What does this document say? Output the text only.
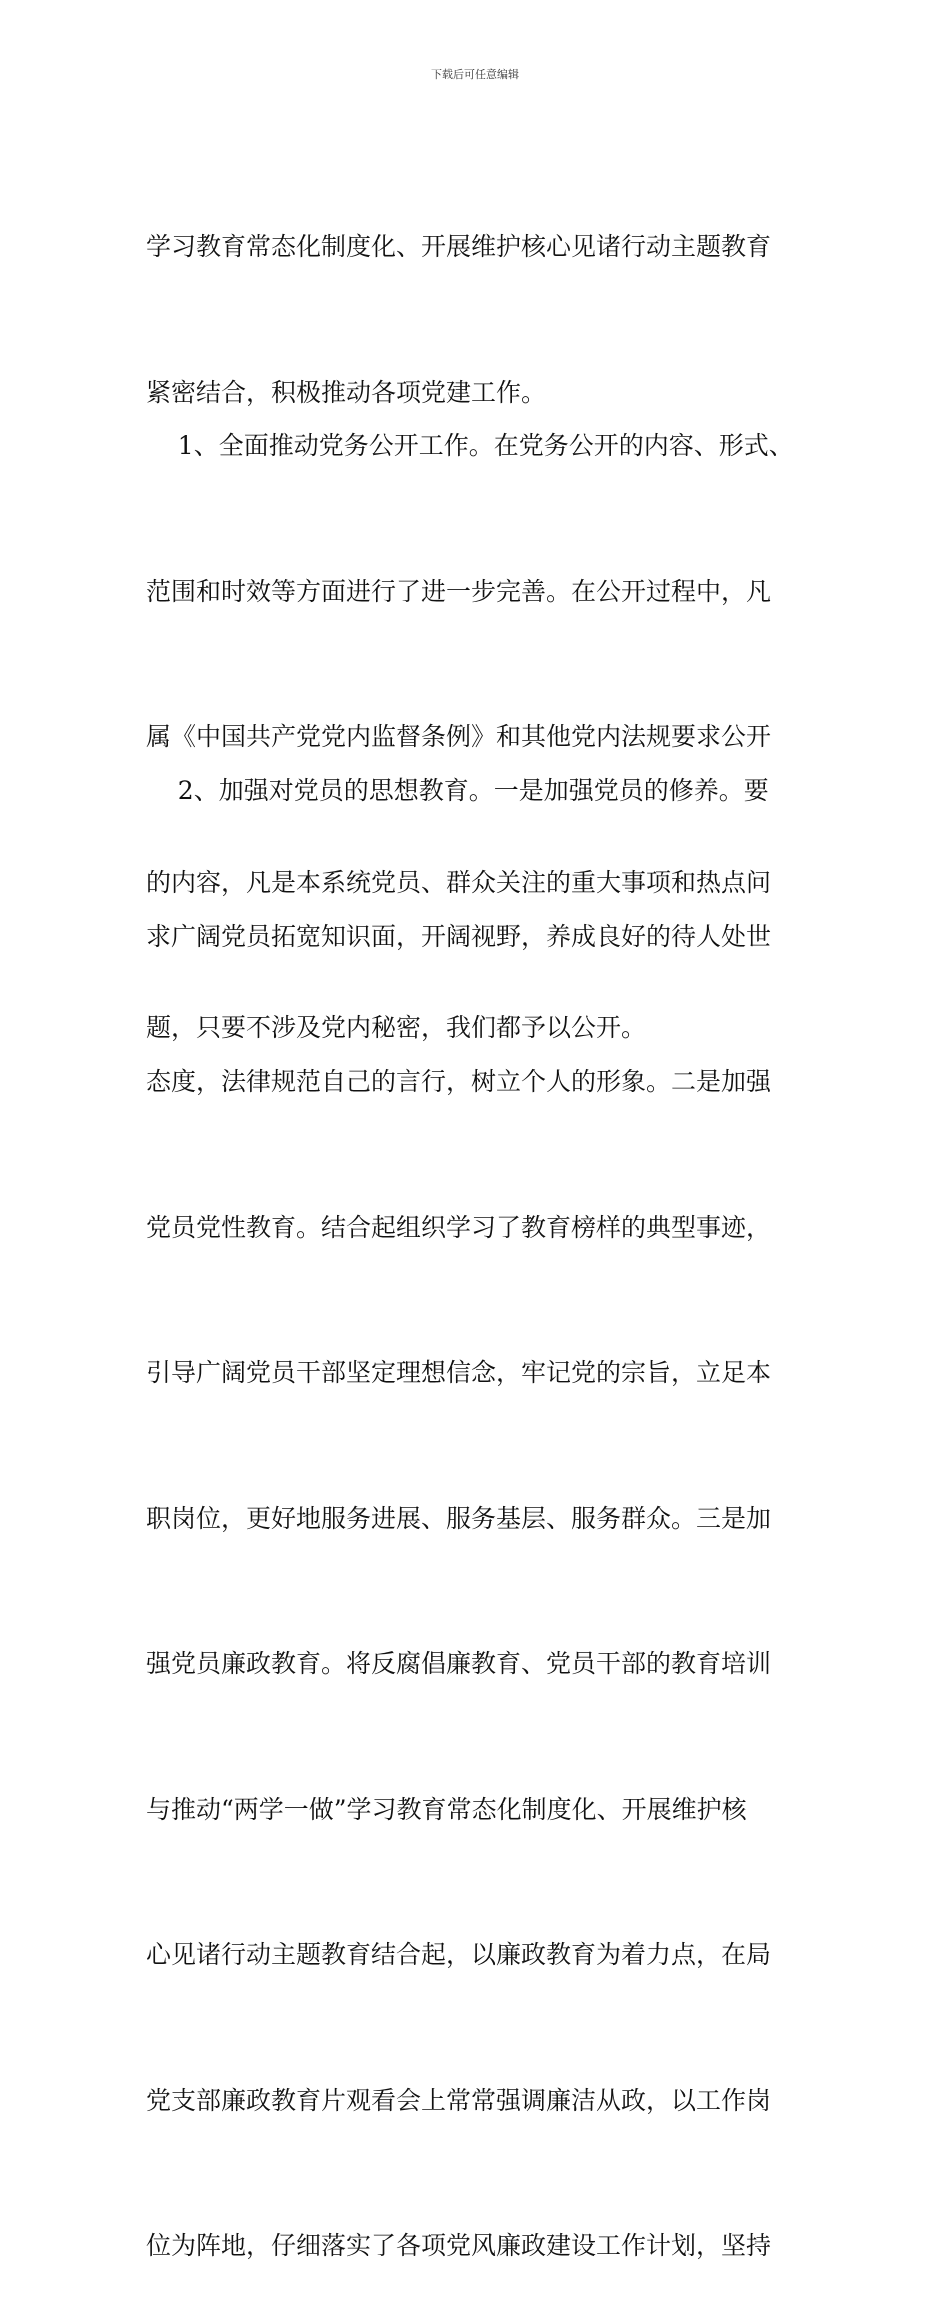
下载后可任意编辑

学习教育常态化制度化、开展维护核心见诸行动主题教育

紧密结合，积极推动各项党建工作。

1、全面推动党务公开工作。在党务公开的内容、形式、

范围和时效等方面进行了进一步完善。在公开过程中，凡

属《中国共产党党内监督条例》和其他党内法规要求公开

的内容，凡是本系统党员、群众关注的重大事项和热点问

题，只要不涉及党内秘密，我们都予以公开。

2、加强对党员的思想教育。一是加强党员的修养。要

求广阔党员拓宽知识面，开阔视野，养成良好的待人处世

态度，法律规范自己的言行，树立个人的形象。二是加强

党员党性教育。结合起组织学习了教育榜样的典型事迹，

引导广阔党员干部坚定理想信念，牢记党的宗旨，立足本

职岗位，更好地服务进展、服务基层、服务群众。三是加

强党员廉政教育。将反腐倡廉教育、党员干部的教育培训

与推动“两学一做”学习教育常态化制度化、开展维护核

心见诸行动主题教育结合起，以廉政教育为着力点，在局

党支部廉政教育片观看会上常常强调廉洁从政，以工作岗

位为阵地，仔细落实了各项党风廉政建设工作计划，坚持
